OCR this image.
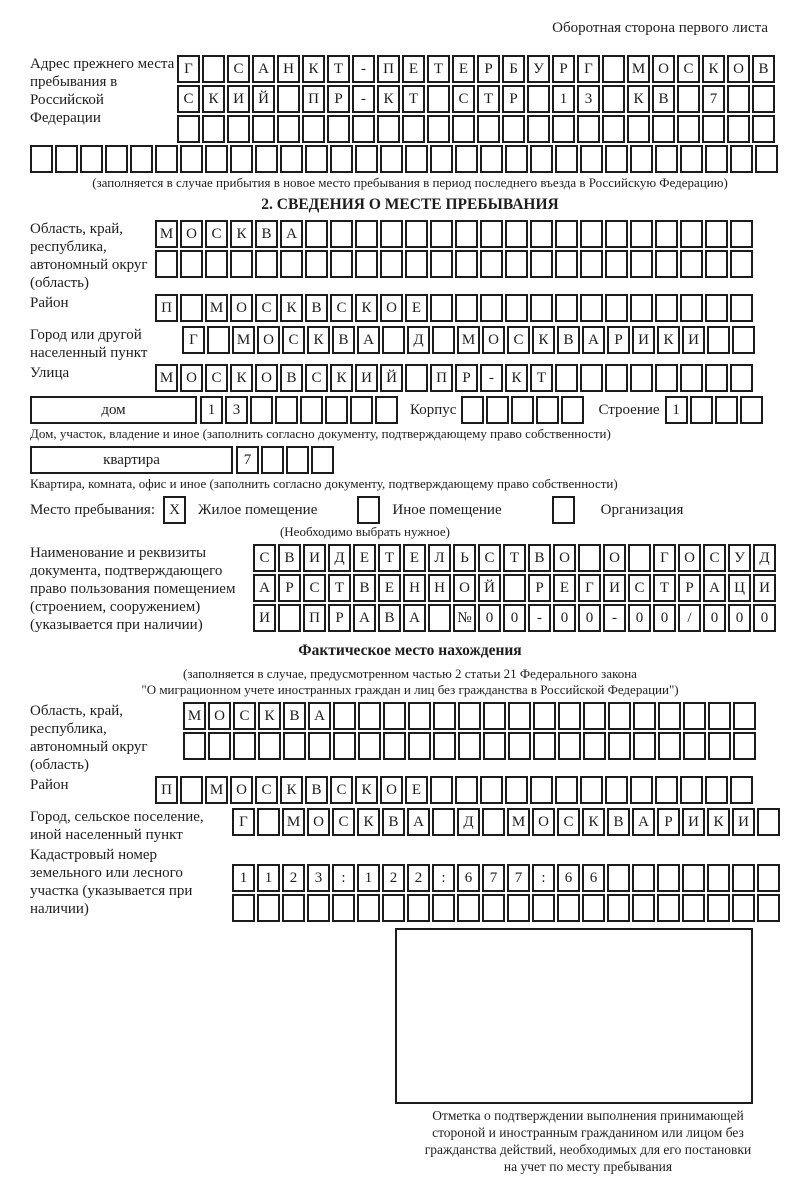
Оборотная сторона первого листа
Адрес прежнего места пребывания в Российской Федерации
Г	С А Н К Т - П Е Т Е Р Б У Р Г	М О С К О В
С К И Й	П Р - К Т	С Т Р	1 3	К В	7
(заполняется в случае прибытия в новое место пребывания в период последнего въезда в Российскую Федерацию)
2. СВЕДЕНИЯ О МЕСТЕ ПРЕБЫВАНИЯ
Область, край, республика, автономный округ (область)
М О С К В А
Район	П	М О С К В С К О Е
Город или другой населенный пункт
Г	М О С К В А	Д	М О С К В А Р И К И
Улица	М О С К О В С К И Й	П Р - К Т
дом	1 3	Корпус	Строение 1
Дом, участок, владение и иное (заполнить согласно документу, подтверждающему право собственности)
квартира	7
Квартира, комната, офис и иное (заполнить согласно документу, подтверждающему право собственности)
Место пребывания: X	Жилое помещение	Иное помещение	Организация
(Необходимо выбрать нужное)
Наименование и реквизиты документа, подтверждающего право пользования помещением (строением, сооружением) (указывается при наличии)
С В И Д Е Т Е Л Ь С Т В О	О	Г О С У Д
А Р С Т В Е Н Н О Й	Р Е Г И С Т Р А Ц И
И	П Р А В А № 0 0 - 0 0 - 0 0 / 0 0 0
Фактическое место нахождения
(заполняется в случае, предусмотренном частью 2 статьи 21 Федерального закона
"О миграционном учете иностранных граждан и лиц без гражданства в Российской Федерации")
Область, край, республика, автономный округ (область)
М О С К В А
Район	П	М О С К В С К О Е
Город, сельское поселение, иной населенный пункт
Г	М О С К В А	Д	М О С К В А Р И К И
Кадастровый номер земельного или лесного участка (указывается при наличии)
1 1 2 3 : 1 2 2 : 6 7 7 : 6 6
Отметка о подтверждении выполнения принимающей
стороной и иностранным гражданином или лицом без
гражданства действий, необходимых для его постановки
на учет по месту пребывания
